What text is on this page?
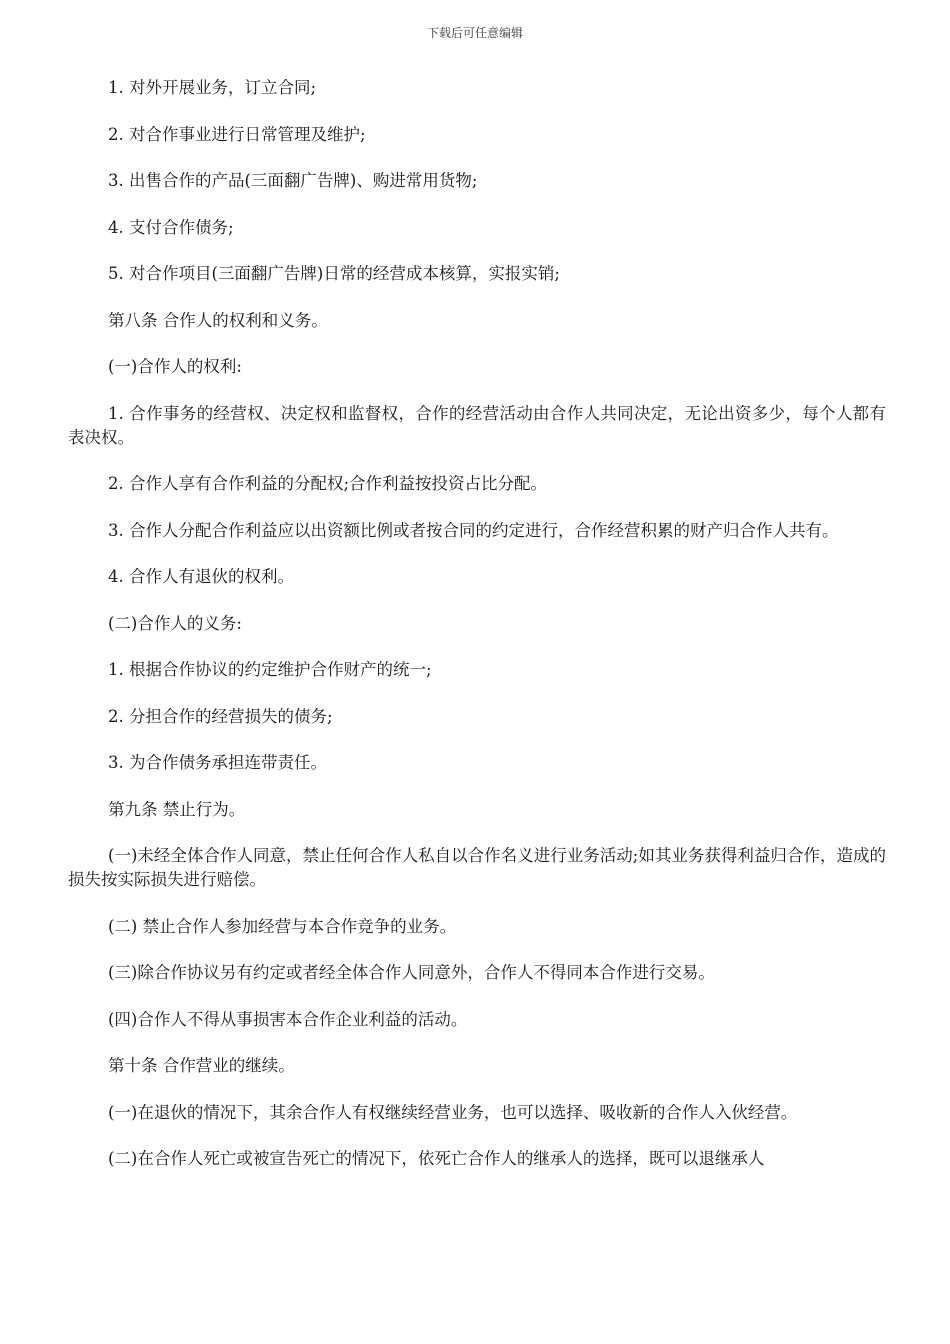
下载后可任意编辑

1. 对外开展业务，订立合同;

2. 对合作事业进行日常管理及维护;

3. 出售合作的产品(三面翻广告牌)、购进常用货物;

4. 支付合作债务;

5. 对合作项目(三面翻广告牌)日常的经营成本核算，实报实销;

第八条 合作人的权利和义务。

(一)合作人的权利:

1. 合作事务的经营权、决定权和监督权，合作的经营活动由合作人共同决定，无论出资多少，每个人都有表决权。

2. 合作人享有合作利益的分配权;合作利益按投资占比分配。

3. 合作人分配合作利益应以出资额比例或者按合同的约定进行，合作经营积累的财产归合作人共有。

4. 合作人有退伙的权利。

(二)合作人的义务:

1. 根据合作协议的约定维护合作财产的统一;

2. 分担合作的经营损失的债务;

3. 为合作债务承担连带责任。

第九条 禁止行为。

(一)未经全体合作人同意，禁止任何合作人私自以合作名义进行业务活动;如其业务获得利益归合作，造成的损失按实际损失进行赔偿。

(二) 禁止合作人参加经营与本合作竞争的业务。

(三)除合作协议另有约定或者经全体合作人同意外，合作人不得同本合作进行交易。

(四)合作人不得从事损害本合作企业利益的活动。

第十条 合作营业的继续。

(一)在退伙的情况下，其余合作人有权继续经营业务，也可以选择、吸收新的合作人入伙经营。

(二)在合作人死亡或被宣告死亡的情况下，依死亡合作人的继承人的选择，既可以退继承人
